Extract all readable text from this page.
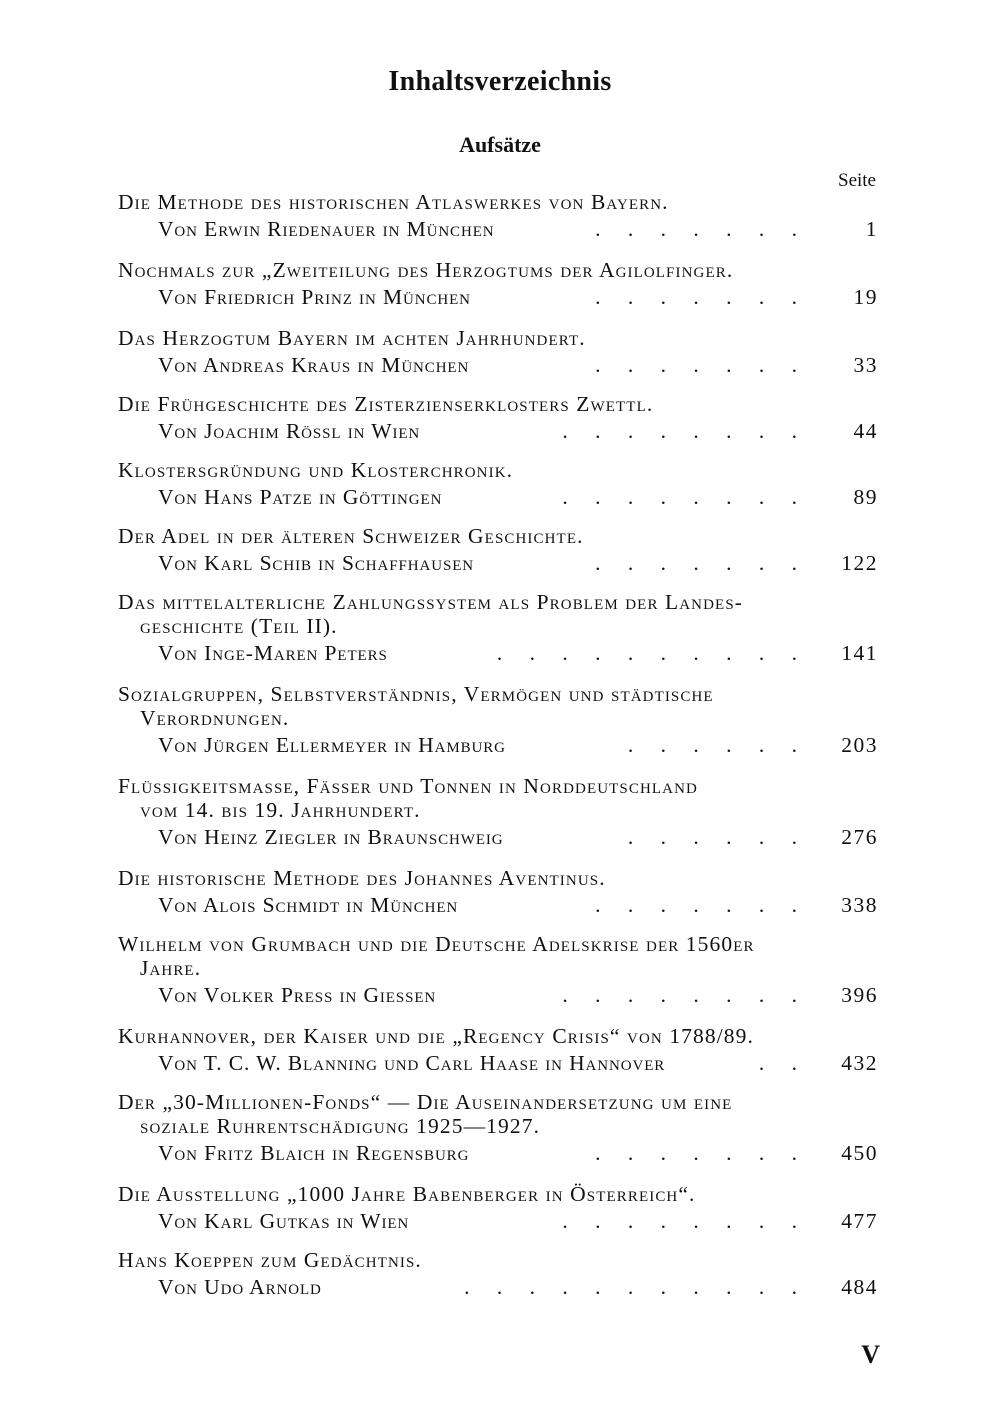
Inhaltsverzeichnis
Aufsätze
Seite
Die Methode des historischen Atlaswerkes von Bayern.
Von Erwin Riedenauer in München	. . . . . . .	1
Nochmals zur „Zweiteilung des Herzogtums der Agilolfinger.
Von Friedrich Prinz in München	. . . . . . . 19
Das Herzogtum Bayern im achten Jahrhundert.
Von Andreas Kraus in München	. . . . . . . 33
Die Frühgeschichte des Zisterzienserklosters Zwettl.
Von Joachim Rössl in Wien	. . . . . . . . 44
Klostersgründung und Klosterchronik.
Von Hans Patze in Göttingen	. . . . . . . . 89
Der Adel in der älteren Schweizer Geschichte.
Von Karl Schib in Schaffhausen	. . . . . . . 122
Das mittelalterliche Zahlungssystem als Problem der Landes-
geschichte (Teil II).
Von Inge-Maren Peters	. . . . . . . . . . 141
Sozialgruppen, Selbstverständnis, Vermögen und städtische
Verordnungen.
Von Jürgen Ellermeyer in Hamburg	. . . . . . 203
Flüssigkeitsmasse, Fässer und Tonnen in Norddeutschland
vom 14. bis 19. Jahrhundert.
Von Heinz Ziegler in Braunschweig	. . . . . . 276
Die historische Methode des Johannes Aventinus.
Von Alois Schmidt in München	. . . . . . . 338
Wilhelm von Grumbach und die Deutsche Adelskrise der 1560er
Jahre.
Von Volker Press in Giessen	. . . . . . . . 396
Kurhannover, der Kaiser und die „Regency Crisis“ von 1788/89.
Von T. C. W. Blanning und Carl Haase in Hannover	. . 432
Der „30-Millionen-Fonds“ — Die Auseinandersetzung um eine
soziale Ruhrentschädigung 1925—1927.
Von Fritz Blaich in Regensburg	. . . . . . . 450
Die Ausstellung „1000 Jahre Babenberger in Österreich“.
Von Karl Gutkas in Wien	. . . . . . . . 477
Hans Koeppen zum Gedächtnis.
Von Udo Arnold	. . . . . . . . . . . 484
V
